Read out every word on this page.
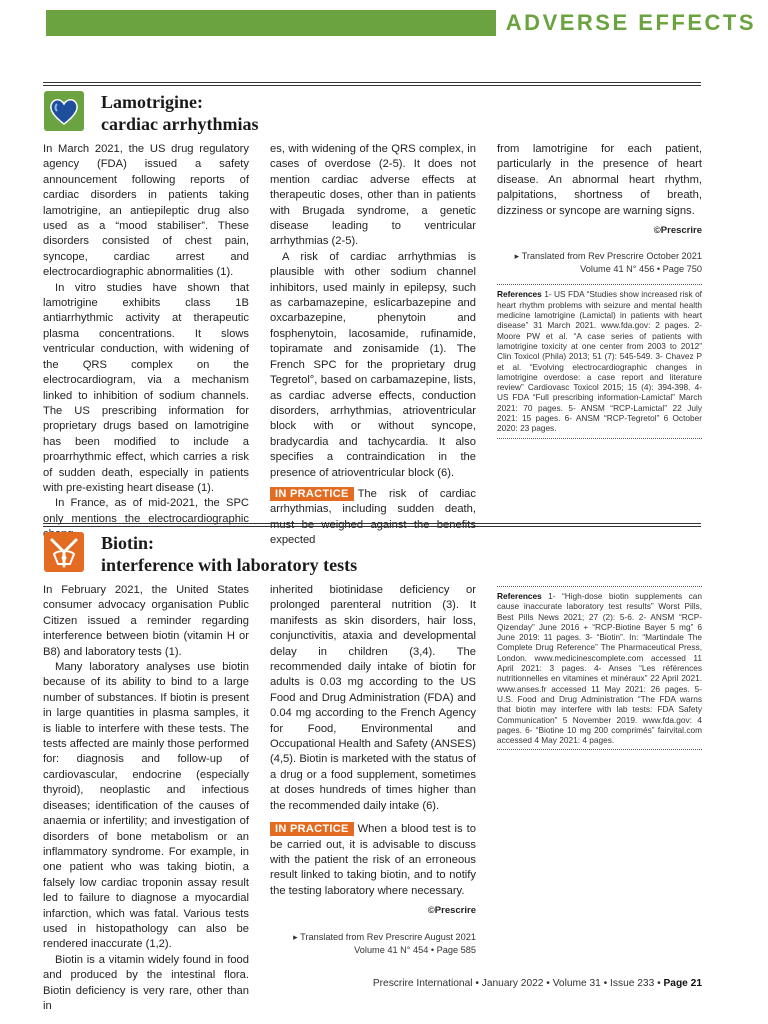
ADVERSE EFFECTS
Lamotrigine:
cardiac arrhythmias

In March 2021, the US drug regulatory agency (FDA) issued a safety announcement following reports of cardiac disorders in patients taking lamotrigine, an antiepileptic drug also used as a “mood stabiliser”. These disorders consisted of chest pain, syncope, cardiac arrest and electrocardiographic abnormalities (1).

In vitro studies have shown that lamotrigine exhibits class 1B antiarrhythmic activity at therapeutic plasma concentrations. It slows ventricular conduction, with widening of the QRS complex on the electrocardiogram, via a mechanism linked to inhibition of sodium channels. The US prescribing information for proprietary drugs based on lamotrigine has been modified to include a proarrhythmic effect, which carries a risk of sudden death, especially in patients with pre-existing heart disease (1).

In France, as of mid-2021, the SPC only mentions the electrocardiographic

es, with widening of the QRS complex, in cases of overdose (2-5). It does not mention cardiac adverse effects at therapeutic doses, other than in patients with Brugada syndrome, a genetic disease leading to ventricular arrhythmias (2-5).

A risk of cardiac arrhythmias is plausible with other sodium channel inhibitors, used mainly in epilepsy, such as carbamazepine, eslicarbazepine and oxcarbazepine, phenytoin and fosphenytoin, lacosamide, rufinamide, topiramate and zonisamide (1). The French SPC for the proprietary drug Tegretol°, based on carbamazepine, lists, as cardiac adverse effects, conduction disorders, arrhythmias, atrioventricular block with or without syncope, bradycardia and tachycardia. It also specifies a contraindication in the presence of atrioventricular block (6).

IN PRACTICE The risk of cardiac arrhythmias, including sudden death, must be weighed against the benefits expected

from lamotrigine for each patient, particularly in the presence of heart disease. An abnormal heart rhythm, palpitations, shortness of breath, dizziness or syncope are warning signs.

©Prescrire
▸ Translated from Rev Prescrire October 2021
Volume 41 N° 456 • Page 750
References 1- US FDA “Studies show increased risk of heart rhythm problems with seizure and mental health medicine lamotrigine (Lamictal) in patients with heart disease” 31 March 2021. www.fda.gov: 2 pages. 2- Moore PW et al. “A case series of patients with lamotrigine toxicity at one center from 2003 to 2012” Clin Toxicol (Phila) 2013; 51 (7): 545-549. 3- Chavez P et al. “Evolving electrocardiographic changes in lamotrigine overdose: a case report and literature review” Cardiovasc Toxicol 2015; 15 (4): 394-398. 4- US FDA “Full prescribing information-Lamictal” March 2021: 70 pages. 5- ANSM “RCP-Lamictal” 22 July 2021: 15 pages. 6- ANSM “RCP-Tegretol” 6 October 2020: 23 pages.
Biotin:
interference with laboratory tests

In February 2021, the United States consumer advocacy organisation Public Citizen issued a reminder regarding interference between biotin (vitamin H or B8) and laboratory tests (1).

Many laboratory analyses use biotin because of its ability to bind to a large number of substances. If biotin is present in large quantities in plasma samples, it is liable to interfere with these tests. The tests affected are mainly those performed for: diagnosis and follow-up of cardiovascular, endocrine (especially thyroid), neoplastic and infectious diseases; identification of the causes of anaemia or infertility; and investigation of disorders of bone metabolism or an inflammatory syndrome. For example, in one patient who was taking biotin, a falsely low cardiac troponin assay result led to failure to diagnose a myocardial infarction, which was fatal. Various tests used in histopathology can also be rendered inaccurate (1,2).

Biotin is a vitamin widely found in food and produced by the intestinal flora. Biotin deficiency is very rare, other than in

inherited biotinidase deficiency or prolonged parenteral nutrition (3). It manifests as skin disorders, hair loss, conjunctivitis, ataxia and developmental delay in children (3,4). The recommended daily intake of biotin for adults is 0.03 mg according to the US Food and Drug Administration (FDA) and 0.04 mg according to the French Agency for Food, Environmental and Occupational Health and Safety (ANSES) (4,5). Biotin is marketed with the status of a drug or a food supplement, sometimes at doses hundreds of times higher than the recommended daily intake (6).

IN PRACTICE When a blood test is to be carried out, it is advisable to discuss with the patient the risk of an erroneous result linked to taking biotin, and to notify the testing laboratory where necessary.

©Prescrire
▸ Translated from Rev Prescrire August 2021
Volume 41 N° 454 • Page 585
References 1- “High-dose biotin supplements can cause inaccurate laboratory test results” Worst Pills, Best Pills News 2021; 27 (2): 5-6. 2- ANSM “RCP-Qizenday” June 2016 + “RCP-Biotine Bayer 5 mg” 6 June 2019: 11 pages. 3- “Biotin”. In: “Martindale The Complete Drug Reference” The Pharmaceutical Press, London. www.medicinescomplete.com accessed 11 April 2021: 3 pages. 4- Anses “Les références nutritionnelles en vitamines et minéraux” 22 April 2021. www.anses.fr accessed 11 May 2021: 26 pages. 5- U.S. Food and Drug Administration “The FDA warns that biotin may interfere with lab tests: FDA Safety Communication” 5 November 2019. www.fda.gov: 4 pages. 6- “Biotine 10 mg 200 comprimés” fairvital.com accessed 4 May 2021: 4 pages.
Prescrire International • January 2022 • Volume 31 • Issue 233 • Page 21
